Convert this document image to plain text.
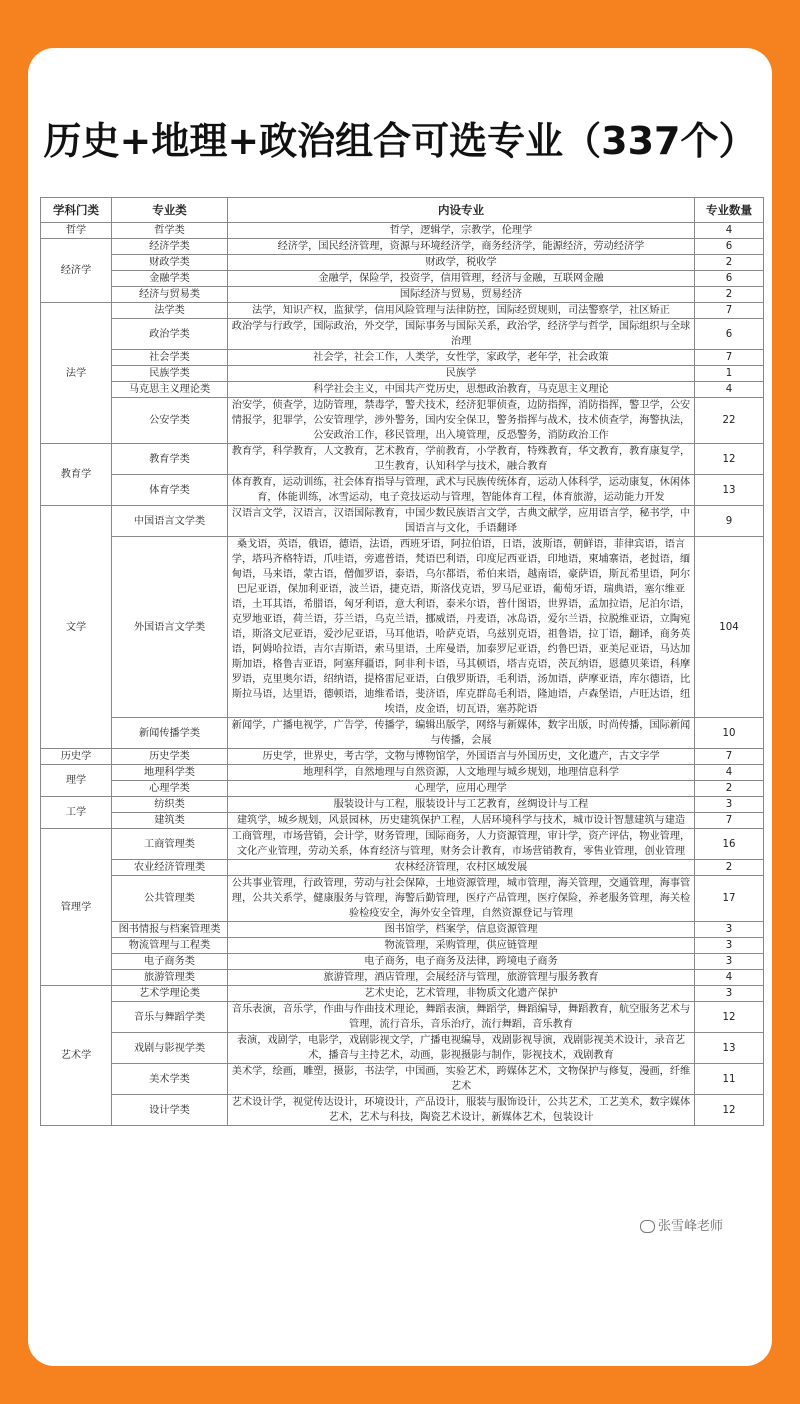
历史+地理+政治组合可选专业（337个）
学科门类	专业类	内设专业	专业数量
哲学	哲学类	哲学，逻辑学，宗教学，伦理学	4
经济学	经济学类	经济学，国民经济管理，资源与环境经济学，商务经济学，能源经济，劳动经济学	6
	财政学类	财政学，税收学	2
	金融学类	金融学，保险学，投资学，信用管理，经济与金融，互联网金融	6
	经济与贸易类	国际经济与贸易，贸易经济	2
法学	法学类	法学，知识产权，监狱学，信用风险管理与法律防控，国际经贸规则，司法警察学，社区矫正	7
	政治学类	政治学与行政学，国际政治，外交学，国际事务与国际关系，政治学，经济学与哲学，国际组织与全球治理	6
	社会学类	社会学，社会工作，人类学，女性学，家政学，老年学，社会政策	7
	民族学类	民族学	1
	马克思主义理论类	科学社会主义，中国共产党历史，思想政治教育，马克思主义理论	4
	公安学类	治安学，侦查学，边防管理，禁毒学，警犬技术，经济犯罪侦查，边防指挥，消防指挥，警卫学，公安情报学，犯罪学，公安管理学，涉外警务，国内安全保卫，警务指挥与战术，技术侦查学，海警执法，公安政治工作，移民管理，出入境管理，反恐警务，消防政治工作	22
教育学	教育学类	教育学，科学教育，人文教育，艺术教育，学前教育，小学教育，特殊教育，华文教育，教育康复学，卫生教育，认知科学与技术，融合教育	12
	体育学类	体育教育，运动训练，社会体育指导与管理，武术与民族传统体育，运动人体科学，运动康复，休闲体育，体能训练，冰雪运动，电子竞技运动与管理，智能体育工程，体育旅游，运动能力开发	13
文学	中国语言文学类	汉语言文学，汉语言，汉语国际教育，中国少数民族语言文学，古典文献学，应用语言学，秘书学，中国语言与文化，手语翻译	9
	外国语言文学类	桑戈语，英语，俄语，德语，法语，西班牙语，阿拉伯语，日语，波斯语，朝鲜语，菲律宾语，语言学，塔玛齐格特语，爪哇语，旁遮普语，梵语巴利语，印度尼西亚语，印地语，柬埔寨语，老挝语，缅甸语，马来语，蒙古语，僧伽罗语，泰语，乌尔都语，希伯来语，越南语，豪萨语，斯瓦希里语，阿尔巴尼亚语，保加利亚语，波兰语，捷克语，斯洛伐克语，罗马尼亚语，葡萄牙语，瑞典语，塞尔维亚语，土耳其语，希腊语，匈牙利语，意大利语，泰米尔语，普什图语，世界语，孟加拉语，尼泊尔语，克罗地亚语，荷兰语，芬兰语，乌克兰语，挪威语，丹麦语，冰岛语，爱尔兰语，拉脱维亚语，立陶宛语，斯洛文尼亚语，爱沙尼亚语，马耳他语，哈萨克语，乌兹别克语，祖鲁语，拉丁语，翻译，商务英语，阿姆哈拉语，吉尔吉斯语，索马里语，土库曼语，加泰罗尼亚语，约鲁巴语，亚美尼亚语，马达加斯加语，格鲁吉亚语，阿塞拜疆语，阿非利卡语，马其顿语，塔吉克语，茨瓦纳语，恩德贝莱语，科摩罗语，克里奥尔语，绍纳语，提格雷尼亚语，白俄罗斯语，毛利语，汤加语，萨摩亚语，库尔德语，比斯拉马语，达里语，德顿语，迪维希语，斐济语，库克群岛毛利语，隆迪语，卢森堡语，卢旺达语，纽埃语，皮金语，切瓦语，塞苏陀语	104
	新闻传播学类	新闻学，广播电视学，广告学，传播学，编辑出版学，网络与新媒体，数字出版，时尚传播，国际新闻与传播，会展	10
历史学	历史学类	历史学，世界史，考古学，文物与博物馆学，外国语言与外国历史，文化遗产，古文字学	7
理学	地理科学类	地理科学，自然地理与自然资源，人文地理与城乡规划，地理信息科学	4
	心理学类	心理学，应用心理学	2
工学	纺织类	服装设计与工程，服装设计与工艺教育，丝绸设计与工程	3
	建筑类	建筑学，城乡规划，风景园林，历史建筑保护工程，人居环境科学与技术，城市设计智慧建筑与建造	7
管理学	工商管理类	工商管理，市场营销，会计学，财务管理，国际商务，人力资源管理，审计学，资产评估，物业管理，文化产业管理，劳动关系，体育经济与管理，财务会计教育，市场营销教育，零售业管理，创业管理	16
	农业经济管理类	农林经济管理，农村区域发展	2
	公共管理类	公共事业管理，行政管理，劳动与社会保障，土地资源管理，城市管理，海关管理，交通管理，海事管理，公共关系学，健康服务与管理，海警后勤管理，医疗产品管理，医疗保险，养老服务管理，海关检验检疫安全，海外安全管理，自然资源登记与管理	17
	图书情报与档案管理类	图书馆学，档案学，信息资源管理	3
	物流管理与工程类	物流管理，采购管理，供应链管理	3
	电子商务类	电子商务，电子商务及法律，跨境电子商务	3
	旅游管理类	旅游管理，酒店管理，会展经济与管理，旅游管理与服务教育	4
艺术学	艺术学理论类	艺术史论，艺术管理，非物质文化遗产保护	3
	音乐与舞蹈学类	音乐表演，音乐学，作曲与作曲技术理论，舞蹈表演，舞蹈学，舞蹈编导，舞蹈教育，航空服务艺术与管理，流行音乐，音乐治疗，流行舞蹈，音乐教育	12
	戏剧与影视学类	表演，戏剧学，电影学，戏剧影视文学，广播电视编导，戏剧影视导演，戏剧影视美术设计，录音艺术，播音与主持艺术，动画，影视摄影与制作，影视技术，戏剧教育	13
	美术学类	美术学，绘画，雕塑，摄影，书法学，中国画，实验艺术，跨媒体艺术，文物保护与修复，漫画，纤维艺术	11
	设计学类	艺术设计学，视觉传达设计，环境设计，产品设计，服装与服饰设计，公共艺术，工艺美术，数字媒体艺术，艺术与科技，陶瓷艺术设计，新媒体艺术，包装设计	12
张雪峰老师
